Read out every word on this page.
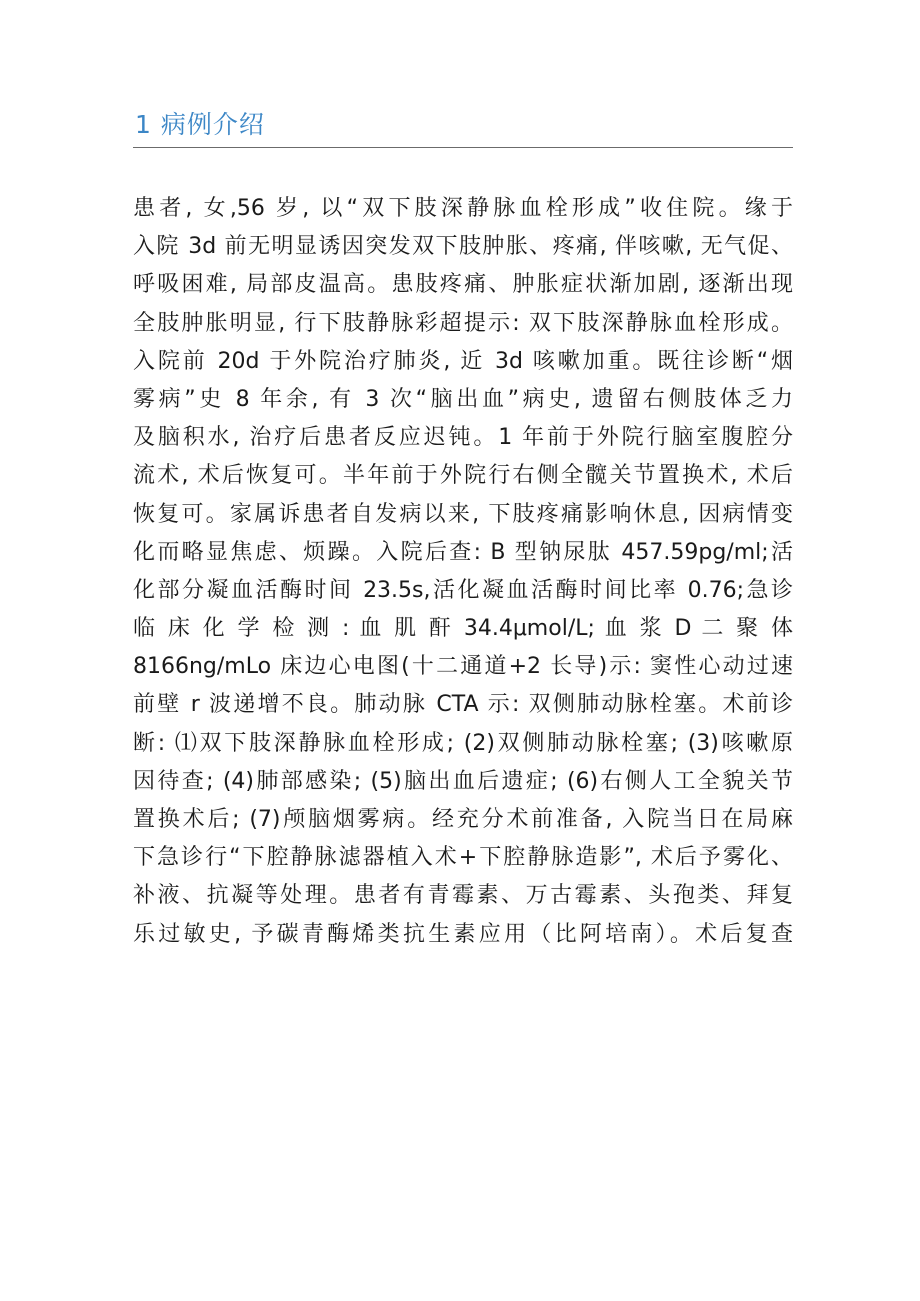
1 病例介绍
患者, 女,56 岁, 以“双下肢深静脉血栓形成”收住院。缘于
入院 3d 前无明显诱因突发双下肢肿胀、疼痛, 伴咳嗽, 无气促、
呼吸困难, 局部皮温高。患肢疼痛、肿胀症状渐加剧, 逐渐出现
全肢肿胀明显, 行下肢静脉彩超提示: 双下肢深静脉血栓形成。
入院前 20d 于外院治疗肺炎, 近 3d 咳嗽加重。既往诊断“烟
雾病”史 8 年余, 有 3 次“脑出血”病史, 遗留右侧肢体乏力
及脑积水, 治疗后患者反应迟钝。1 年前于外院行脑室腹腔分
流术, 术后恢复可。半年前于外院行右侧全髋关节置换术, 术后
恢复可。家属诉患者自发病以来, 下肢疼痛影响休息, 因病情变
化而略显焦虑、烦躁。入院后查: B 型钠尿肽 457.59pg/ml;活
化部分凝血活酶时间 23.5s,活化凝血活酶时间比率 0.76;急诊
临 床 化 学 检 测 : 血 肌 酐 34.4μmol/L; 血 浆 D 二 聚 体
8166ng/mLo 床边心电图(十二通道+2 长导)示: 窦性心动过速
前壁 r 波递增不良。肺动脉 CTA 示: 双侧肺动脉栓塞。术前诊
断: ⑴双下肢深静脉血栓形成; (2)双侧肺动脉栓塞; (3)咳嗽原
因待查; (4)肺部感染; (5)脑出血后遗症; (6)右侧人工全貌关节
置换术后; (7)颅脑烟雾病。经充分术前准备, 入院当日在局麻
下急诊行“下腔静脉滤器植入术+下腔静脉造影”, 术后予雾化、
补液、抗凝等处理。患者有青霉素、万古霉素、头孢类、拜复
乐过敏史, 予碳青酶烯类抗生素应用（比阿培南）。术后复查
